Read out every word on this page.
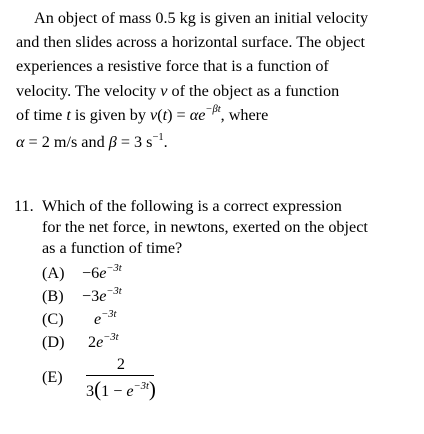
An object of mass 0.5 kg is given an initial velocity

and then slides across a horizontal surface. The object

experiences a resistive force that is a function of

velocity. The velocity v of the object as a function

of time t is given by $v(t) = \alpha e^{-\beta t}$, where

α = 2 m/s and β = 3 $s^{-1}$.

11. Which of the following is a correct expression

for the net force, in newtons, exerted on the object

as a function of time?

(A)	$-6e^{-3t}$
(B)	$-3e^{-3t}$
(C)	$e^{-3t}$
(D)	$2e^{-3t}$
(E)
2
$3(1 - e^{-3t})$
